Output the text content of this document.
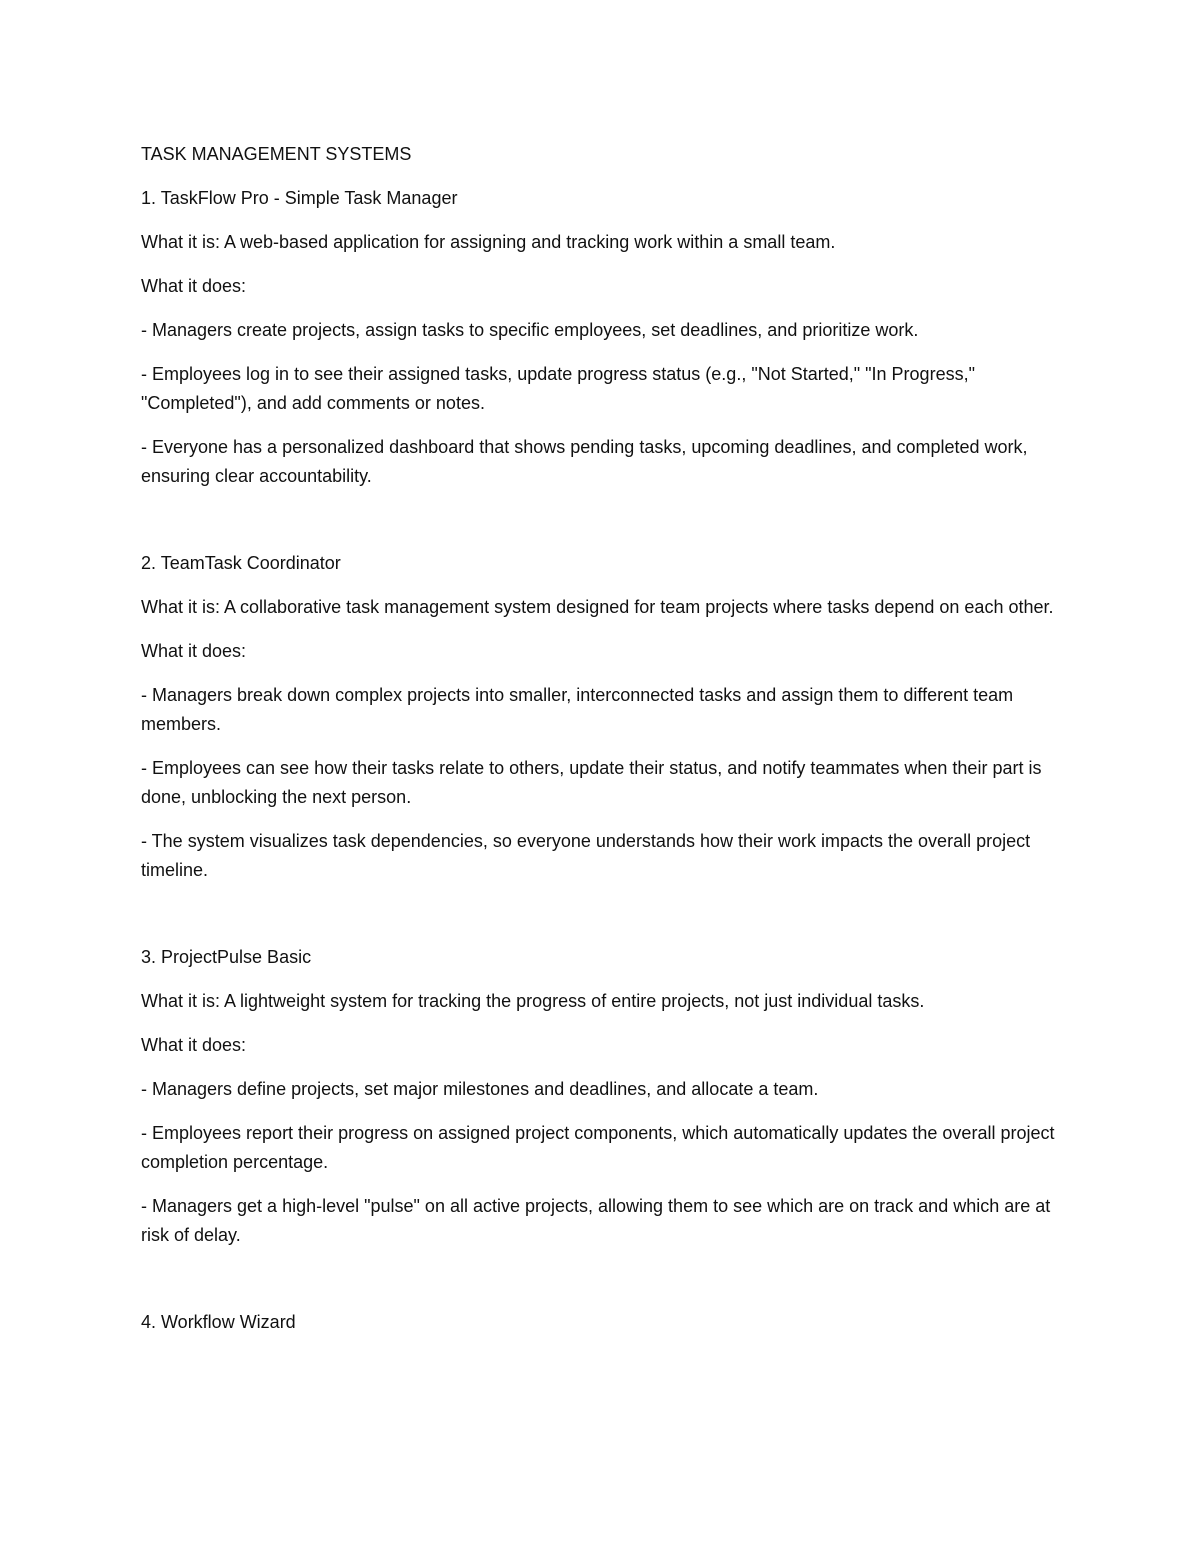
TASK MANAGEMENT SYSTEMS

1. TaskFlow Pro - Simple Task Manager

What it is: A web-based application for assigning and tracking work within a small team.

What it does:

- Managers create projects, assign tasks to specific employees, set deadlines, and prioritize work.

- Employees log in to see their assigned tasks, update progress status (e.g., "Not Started," "In Progress," "Completed"), and add comments or notes.

- Everyone has a personalized dashboard that shows pending tasks, upcoming deadlines, and completed work, ensuring clear accountability.

2. TeamTask Coordinator

What it is: A collaborative task management system designed for team projects where tasks depend on each other.

What it does:

- Managers break down complex projects into smaller, interconnected tasks and assign them to different team members.

- Employees can see how their tasks relate to others, update their status, and notify teammates when their part is done, unblocking the next person.

- The system visualizes task dependencies, so everyone understands how their work impacts the overall project timeline.

3. ProjectPulse Basic

What it is: A lightweight system for tracking the progress of entire projects, not just individual tasks.

What it does:

- Managers define projects, set major milestones and deadlines, and allocate a team.

- Employees report their progress on assigned project components, which automatically updates the overall project completion percentage.

- Managers get a high-level "pulse" on all active projects, allowing them to see which are on track and which are at risk of delay.

4. Workflow Wizard
